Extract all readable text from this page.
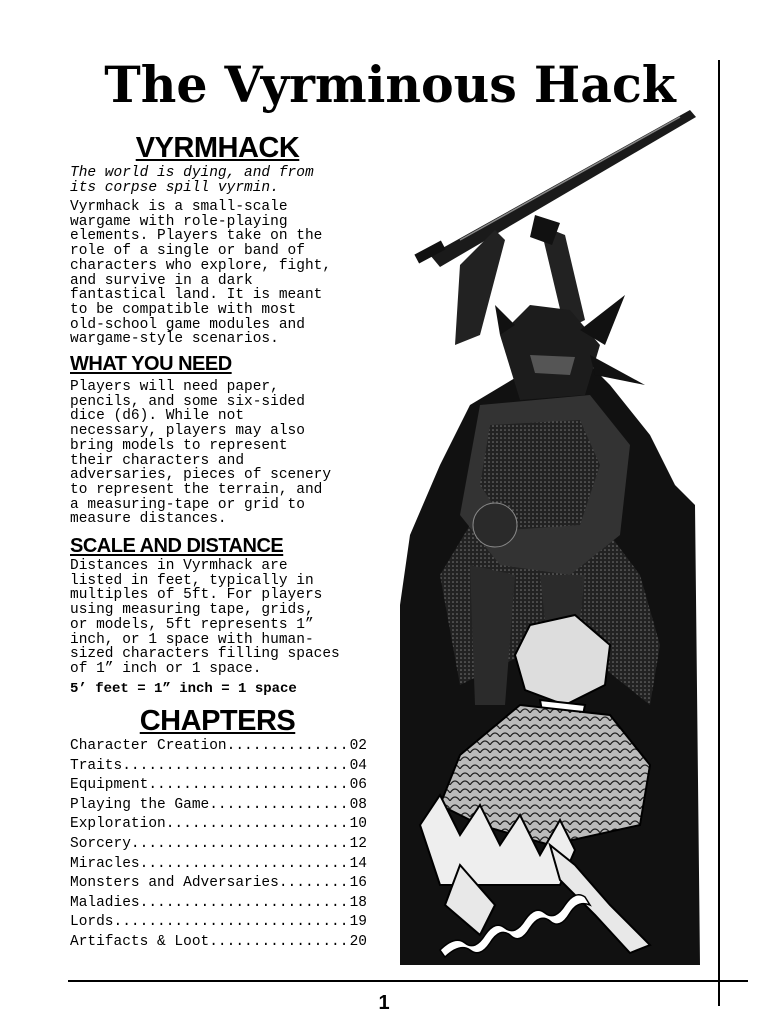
The Vyrminous Hack
1
VYRMHACK
The world is dying, and from
its corpse spill vyrmin.
Vyrmhack is a small-scale
wargame with role-playing
elements. Players take on the
role of a single or band of
characters who explore, fight,
and survive in a dark
fantastical land. It is meant
to be compatible with most
old-school game modules and
wargame-style scenarios.
WHAT YOU NEED
Players will need paper,
pencils, and some six-sided
dice (d6). While not
necessary, players may also
bring models to represent
their characters and
adversaries, pieces of scenery
to represent the terrain, and
a measuring-tape or grid to
measure distances.
SCALE AND DISTANCE
Distances in Vyrmhack are
listed in feet, typically in
multiples of 5ft. For players
using measuring tape, grids,
or models, 5ft represents 1”
inch, or 1 space with human-
sized characters filling spaces
of 1” inch or 1 space.
5’ feet = 1” inch = 1 space
CHAPTERS
Character Creation .....	02
Traits .....	04
Equipment .....	06
Playing the Game .....	08
Exploration .....	10
Sorcery .....	12
Miracles .....	14
Monsters and Adversaries .....	16
Maladies .....	18
Lords .....	19
Artifacts & Loot .....	20
